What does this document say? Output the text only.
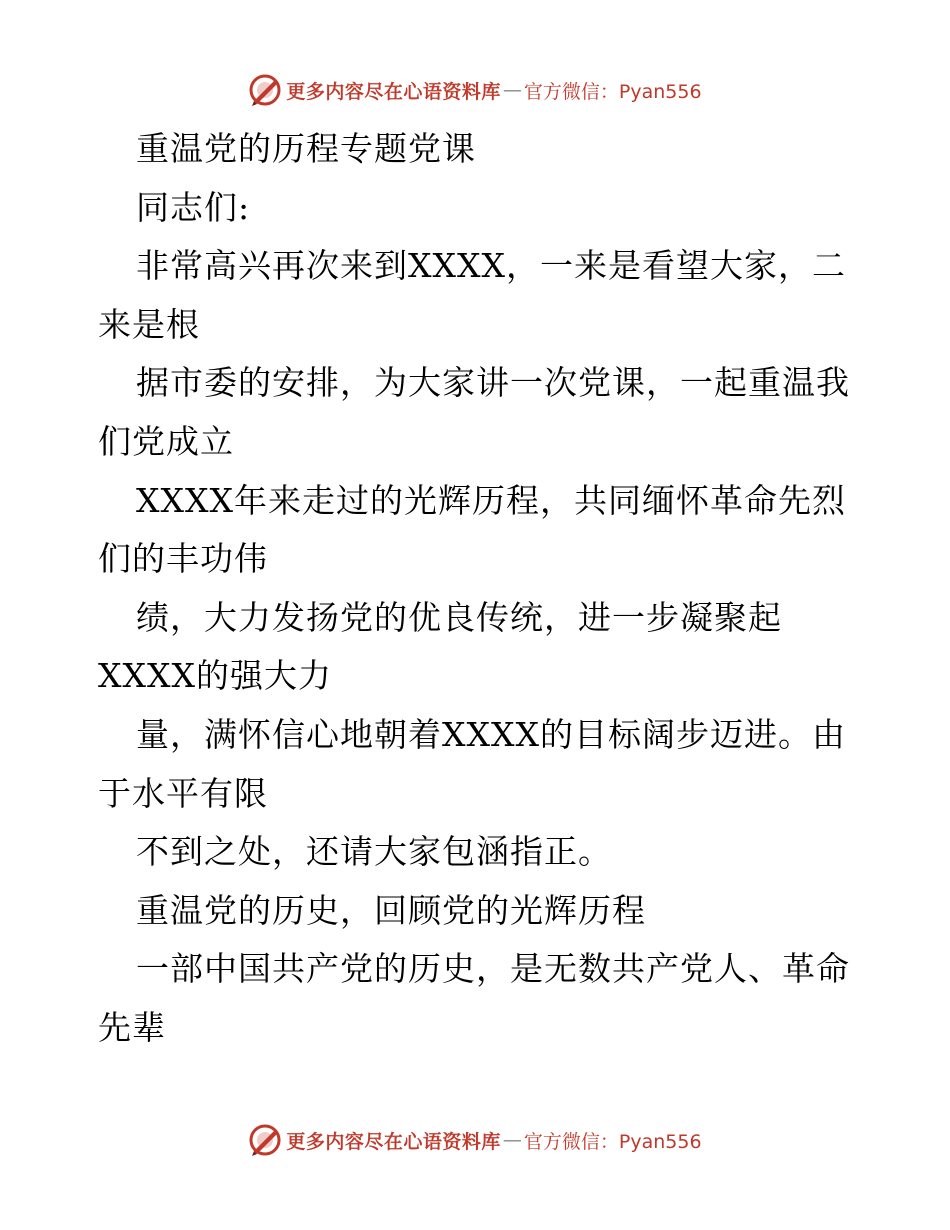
更多内容尽在心语资料库 — 官方微信：Pyan556
重温党的历程专题党课
同志们:
非常高兴再次来到XXXX，一来是看望大家，二
来是根
据市委的安排，为大家讲一次党课，一起重温我
们党成立
XXXX年来走过的光辉历程，共同缅怀革命先烈
们的丰功伟
绩，大力发扬党的优良传统，进一步凝聚起
XXXX的强大力
量，满怀信心地朝着XXXX的目标阔步迈进。由
于水平有限
不到之处，还请大家包涵指正。
重温党的历史，回顾党的光辉历程
一部中国共产党的历史，是无数共产党人、革命
先辈
更多内容尽在心语资料库 — 官方微信：Pyan556
